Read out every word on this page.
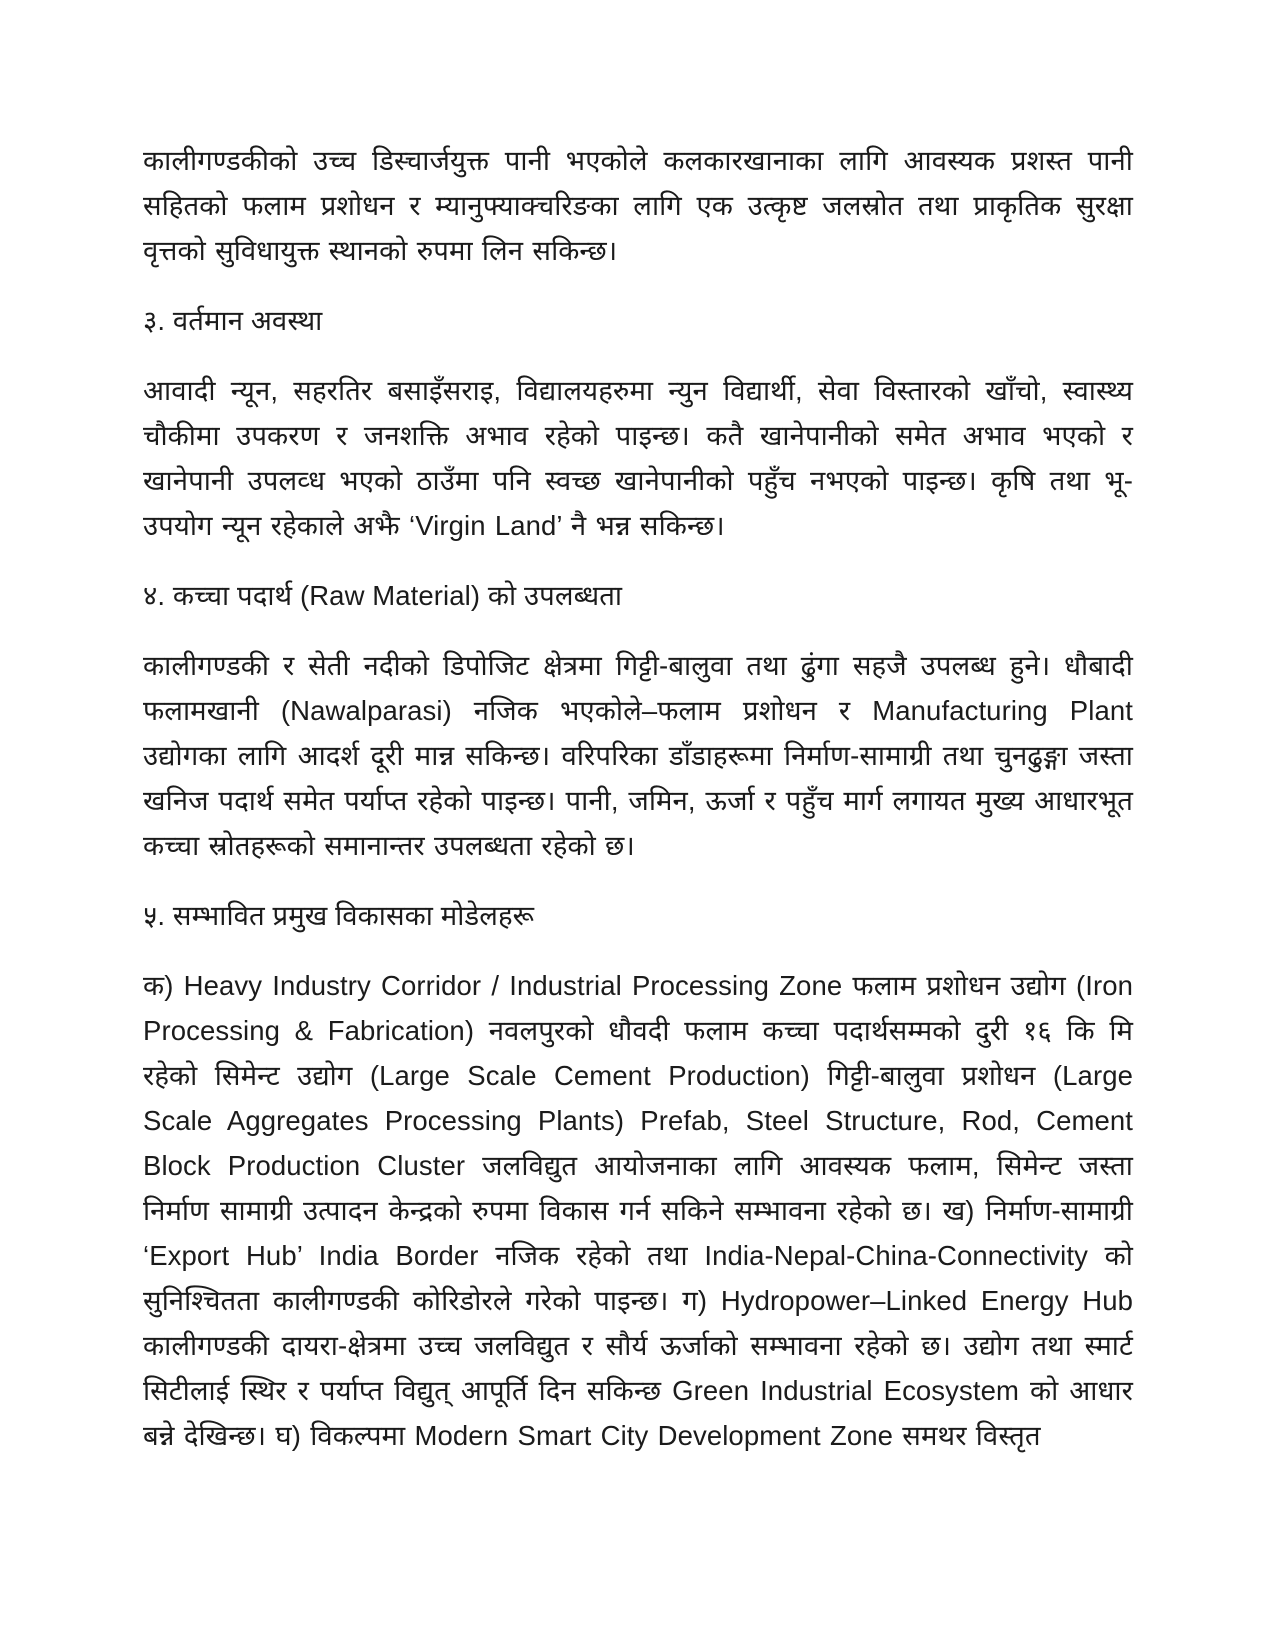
कालीगण्डकीको उच्च डिस्चार्जयुक्त पानी भएकोले कलकारखानाका लागि आवस्यक प्रशस्त पानी सहितको फलाम प्रशोधन र म्यानुफ्याक्चरिङका लागि एक उत्कृष्ट जलस्रोत तथा प्राकृतिक सुरक्षा वृत्तको सुविधायुक्त स्थानको रुपमा लिन सकिन्छ।

३. वर्तमान अवस्था

आवादी न्यून, सहरतिर बसाइँसराइ, विद्यालयहरुमा न्युन विद्यार्थी, सेवा विस्तारको खाँचो, स्वास्थ्य चौकीमा उपकरण र जनशक्ति अभाव रहेको पाइन्छ। कतै खानेपानीको समेत अभाव भएको र खानेपानी उपलव्ध भएको ठाउँमा पनि स्वच्छ खानेपानीको पहुँच नभएको पाइन्छ। कृषि तथा भू-उपयोग न्यून रहेकाले अझै ‘Virgin Land’ नै भन्न सकिन्छ।

४. कच्चा पदार्थ (Raw Material) को उपलब्धता

कालीगण्डकी र सेती नदीको डिपोजिट क्षेत्रमा गिट्टी-बालुवा तथा ढुंगा सहजै उपलब्ध हुने। धौबादी फलामखानी (Nawalparasi) नजिक भएकोले–फलाम प्रशोधन र Manufacturing Plant उद्योगका लागि आदर्श दूरी मान्न सकिन्छ। वरिपरिका डाँडाहरूमा निर्माण-सामाग्री तथा चुनढुङ्गा जस्ता खनिज पदार्थ समेत पर्याप्त रहेको पाइन्छ। पानी, जमिन, ऊर्जा र पहुँच मार्ग लगायत मुख्य आधारभूत कच्चा स्रोतहरूको समानान्तर उपलब्धता रहेको छ।

५. सम्भावित प्रमुख विकासका मोडेलहरू

क) Heavy Industry Corridor / Industrial Processing Zone फलाम प्रशोधन उद्योग (Iron Processing & Fabrication) नवलपुरको धौवदी फलाम कच्चा पदार्थसम्मको दुरी १६ कि मि रहेको सिमेन्ट उद्योग (Large Scale Cement Production) गिट्टी-बालुवा प्रशोधन (Large Scale Aggregates Processing Plants) Prefab, Steel Structure, Rod, Cement Block Production Cluster जलविद्युत आयोजनाका लागि आवस्यक फलाम, सिमेन्ट जस्ता निर्माण सामाग्री उत्पादन केन्द्रको रुपमा विकास गर्न सकिने सम्भावना रहेको छ। ख) निर्माण-सामाग्री ‘Export Hub’ India Border नजिक रहेको तथा India-Nepal-China-Connectivity को सुनिश्चितता कालीगण्डकी कोरिडोरले गरेको पाइन्छ। ग) Hydropower–Linked Energy Hub कालीगण्डकी दायरा-क्षेत्रमा उच्च जलविद्युत र सौर्य ऊर्जाको सम्भावना रहेको छ। उद्योग तथा स्मार्ट सिटीलाई स्थिर र पर्याप्त विद्युत् आपूर्ति दिन सकिन्छ Green Industrial Ecosystem को आधार बन्ने देखिन्छ। घ) विकल्पमा Modern Smart City Development Zone समथर विस्तृत
